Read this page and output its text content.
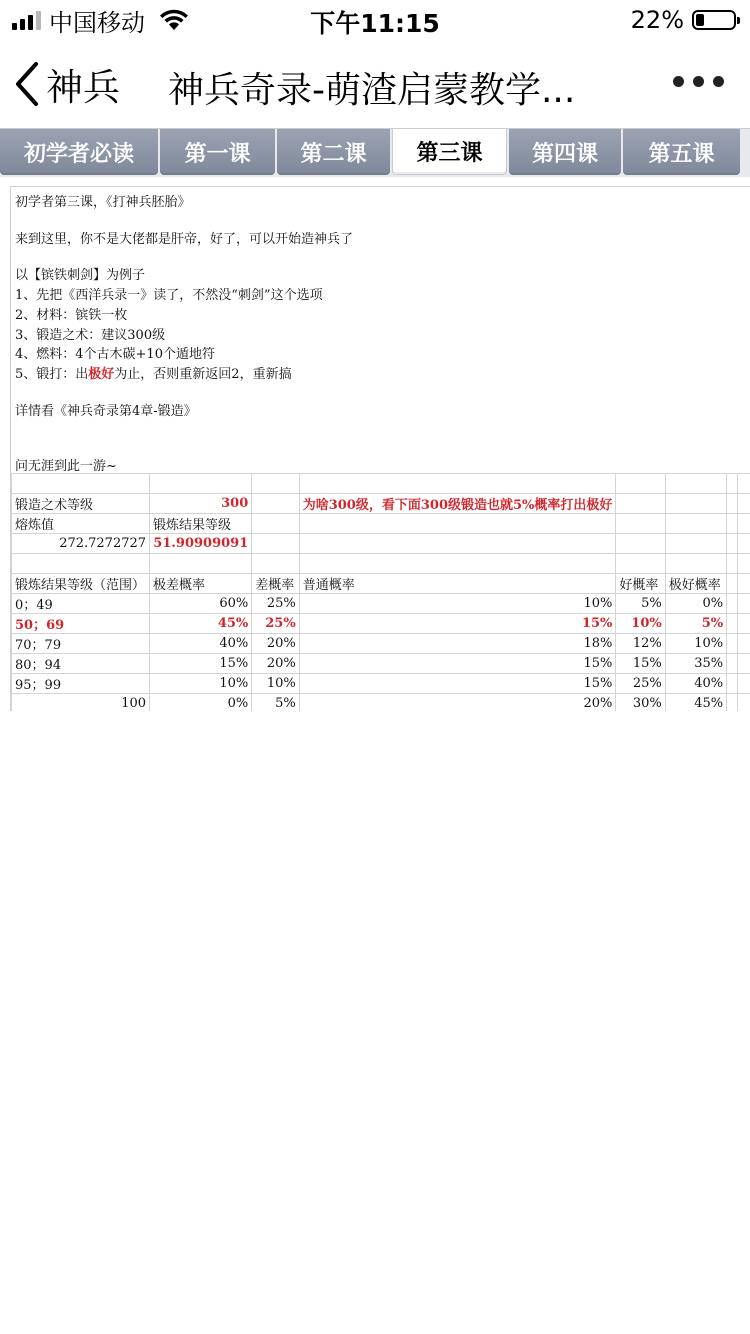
中国移动	下午11:15	22%
神兵 神兵奇录-萌渣启蒙教学...
初学者必读 第一课 第二课 第三课 第四课 第五课
初学者第三课，《打神兵胚胎》
来到这里，你不是大佬都是肝帝，好了，可以开始造神兵了
以【镔铁刺剑】为例子
1、先把《西洋兵录一》读了，不然没“刺剑”这个选项
2、材料：镔铁一枚
3、锻造之术：建议300级
4、燃料：4个古木碳+10个遁地符
5、锻打：出极好为止，否则重新返回2，重新搞
详情看《神兵奇录第4章-锻造》
问无涯到此一游~

锻造之术等级	300		为啥300级，看下面300级锻造也就5%概率打出极好				
熔炼值	锻炼结果等级						
272.7272727	51.90909091						

锻炼结果等级（范围）	极差概率	差概率	普通概率	好概率	极好概率		
0；49	60%	25%	10%	5%	0%		
50；69	45%	25%	15%	10%	5%		
70；79	40%	20%	18%	12%	10%		
80；94	15%	20%	15%	15%	35%		
95；99	10%	10%	15%	25%	40%		
100	0%	5%	20%	30%	45%		
